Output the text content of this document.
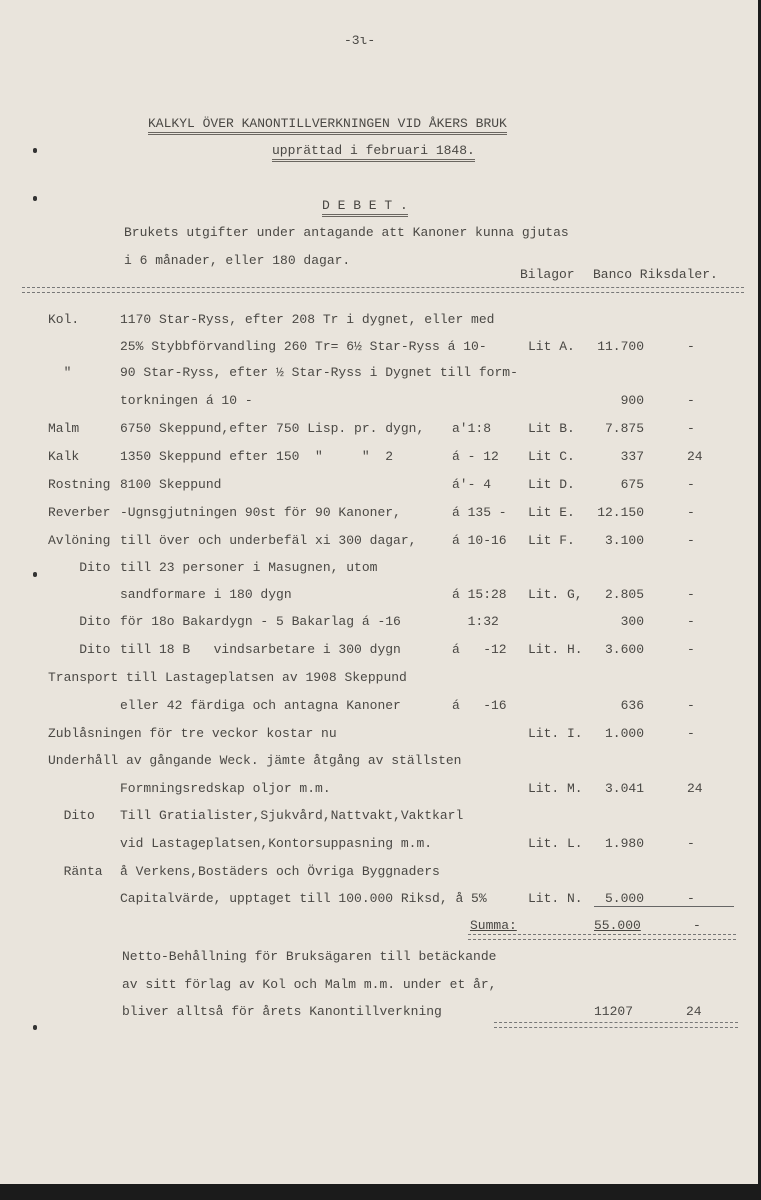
-3ι-
KALKYL ÖVER KANONTILLVERKNINGEN VID ÅKERS BRUK
upprättad i februari 1848.
D E B E T .
Brukets utgifter under antagande att Kanoner kunna gjutas
i 6 månader, eller 180 dagar.
Bilagor Banco Riksdaler.
Kol.	1170 Star-Ryss, efter 208 Tr i dygnet, eller med
25% Stybbförvandling 260 Tr= 6½ Star-Ryss á 10-	Lit A. 11.700	-
"	90 Star-Ryss, efter ½ Star-Ryss i Dygnet till form-
torkningen á 10 -	900	-
Malm	6750 Skeppund,efter 750 Lisp. pr. dygn, a'1:8	Lit B. 7.875	-
Kalk	1350 Skeppund efter 150  "     "  2	á - 12 Lit C.	337	24
Rostning 8100 Skeppund	á'- 4	Lit D.	675	-
Reverber -Ugnsgjutningen 90st för 90 Kanoner,	á 135 - Lit E. 12.150	-
Avlöning till över och underbefäl xi 300 dagar,	á 10-16 Lit F. 3.100	-
Dito till 23 personer i Masugnen, utom
sandformare i 180 dygn	á 15:28 Lit. G, 2.805	-
Dito för 18o Bakardygn - 5 Bakarlag á -16	1:32	300	-
Dito till 18 B   vindsarbetare i 300 dygn	á   -12 Lit. H. 3.600	-
Transport till Lastageplatsen av 1908 Skeppund
eller 42 färdiga och antagna Kanoner	á   -16	636	-
Zublåsningen för tre veckor kostar nu	Lit. I. 1.000	-
Underhåll av gångande Weck. jämte åtgång av ställsten
Formningsredskap oljor m.m.	Lit. M. 3.041	24
Dito Till Gratialister,Sjukvård,Nattvakt,Vaktkarl
vid Lastageplatsen,Kontorsuppasning m.m.	Lit. L. 1.980	-
Ränta å Verkens,Bostäders och Övriga Byggnaders
Capitalvärde, upptaget till 100.000 Riksd, å 5%	Lit. N. 5.000	-
Summa:	55.000	-
Netto-Behållning för Bruksägaren till betäckande
av sitt förlag av Kol och Malm m.m. under et år,
bliver alltså för årets Kanontillverkning	11207	24
